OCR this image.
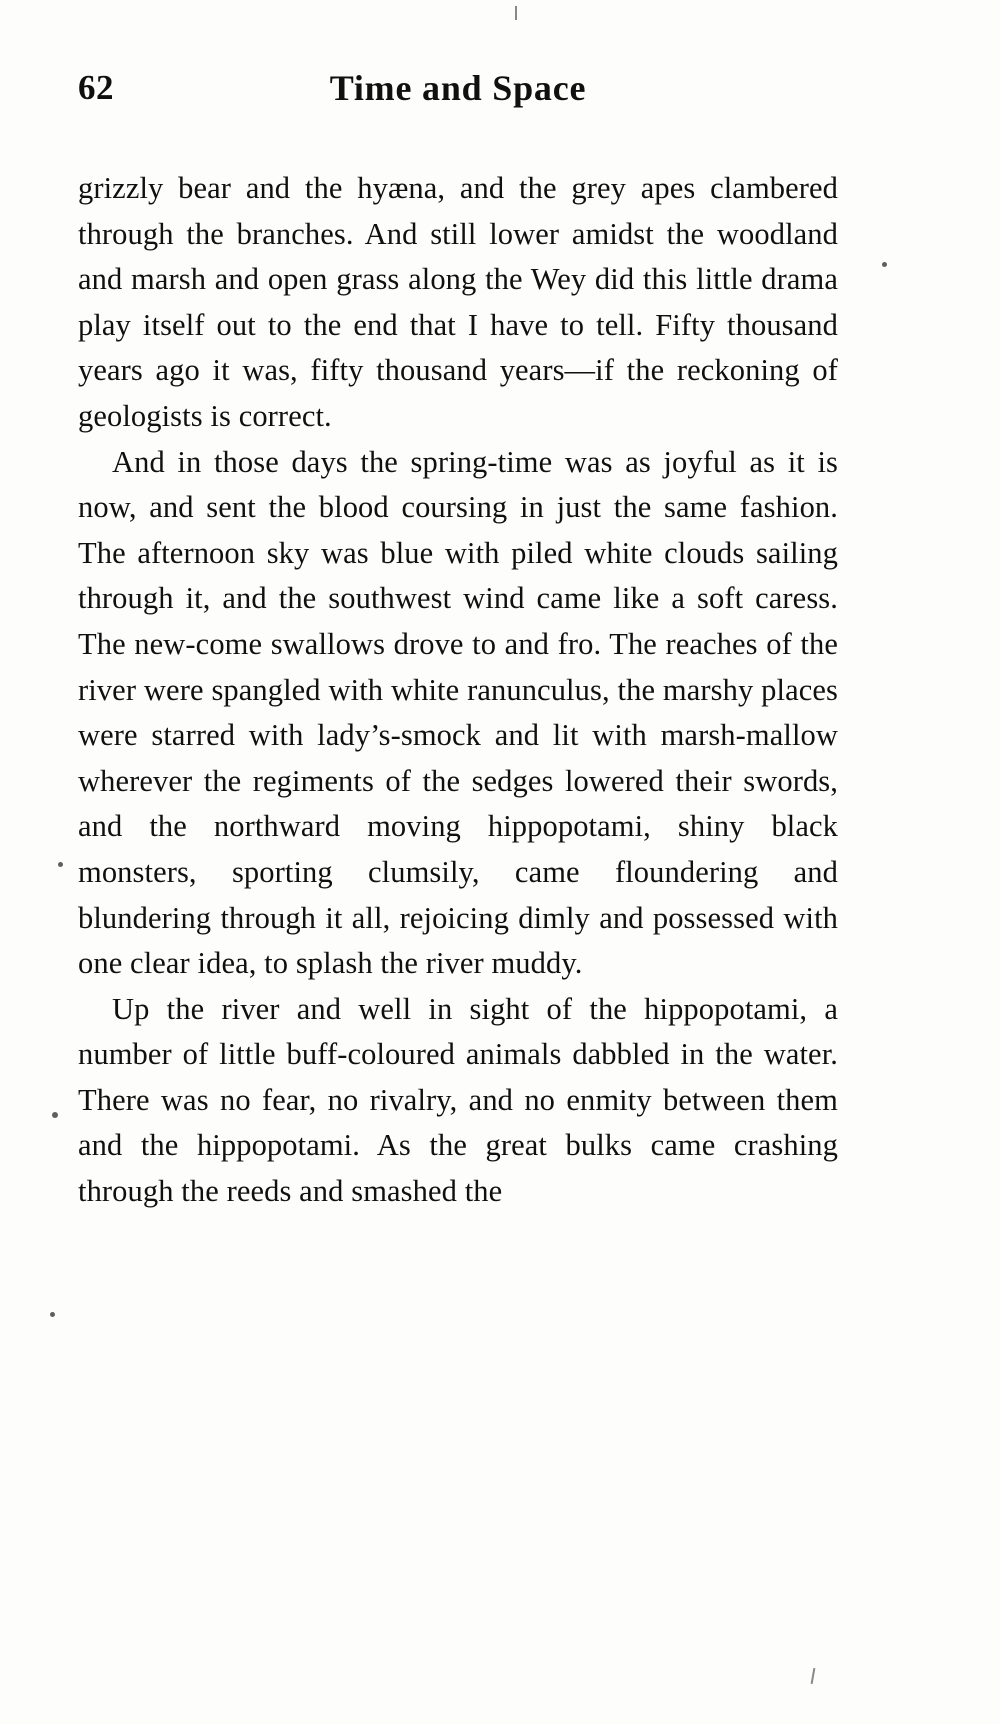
62	Time and Space

grizzly bear and the hyæna, and the grey apes clambered through the branches. And still lower amidst the woodland and marsh and open grass along the Wey did this little drama play itself out to the end that I have to tell. Fifty thousand years ago it was, fifty thousand years—if the reckoning of geologists is correct.

And in those days the spring-time was as joyful as it is now, and sent the blood coursing in just the same fashion. The afternoon sky was blue with piled white clouds sailing through it, and the southwest wind came like a soft caress. The new-come swallows drove to and fro. The reaches of the river were spangled with white ranunculus, the marshy places were starred with lady’s-smock and lit with marsh-mallow wherever the regiments of the sedges lowered their swords, and the northward moving hippopotami, shiny black monsters, sporting clumsily, came floundering and blundering through it all, rejoicing dimly and possessed with one clear idea, to splash the river muddy.

Up the river and well in sight of the hippopotami, a number of little buff-coloured animals dabbled in the water. There was no fear, no rivalry, and no enmity between them and the hippopotami. As the great bulks came crashing through the reeds and smashed the
